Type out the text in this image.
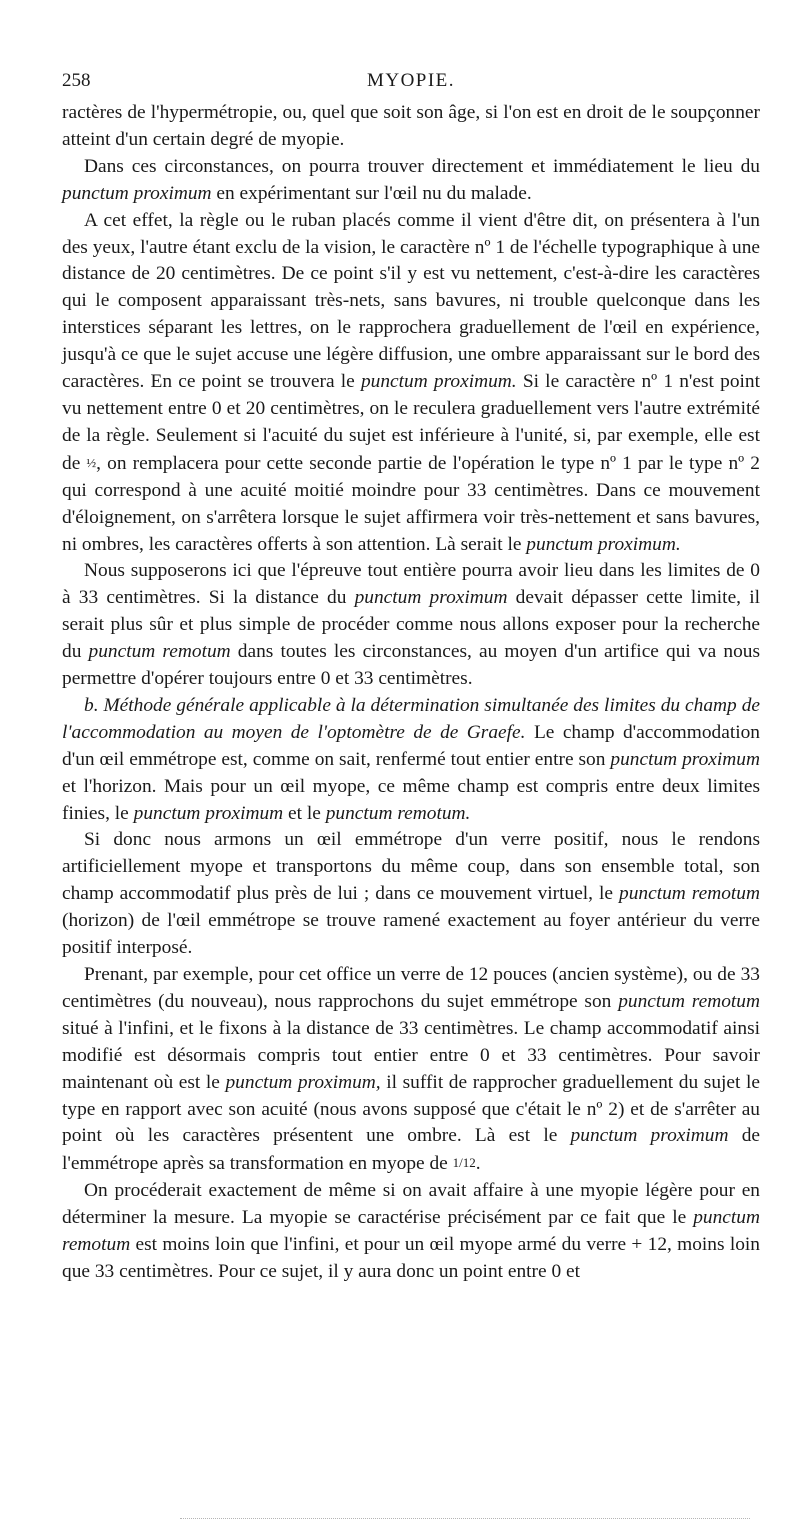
258	MYOPIE.

ractères de l'hypermétropie, ou, quel que soit son âge, si l'on est en droit de le soupçonner atteint d'un certain degré de myopie.

Dans ces circonstances, on pourra trouver directement et immédiatement le lieu du punctum proximum en expérimentant sur l'œil nu du malade.

A cet effet, la règle ou le ruban placés comme il vient d'être dit, on présentera à l'un des yeux, l'autre étant exclu de la vision, le caractère nº 1 de l'échelle typographique à une distance de 20 centimètres. De ce point s'il y est vu nettement, c'est-à-dire les caractères qui le composent apparaissant très-nets, sans bavures, ni trouble quelconque dans les interstices séparant les lettres, on le rapprochera graduellement de l'œil en expérience, jusqu'à ce que le sujet accuse une légère diffusion, une ombre apparaissant sur le bord des caractères. En ce point se trouvera le punctum proximum. Si le caractère nº 1 n'est point vu nettement entre 0 et 20 centimètres, on le reculera graduellement vers l'autre extrémité de la règle. Seulement si l'acuité du sujet est inférieure à l'unité, si, par exemple, elle est de ½, on remplacera pour cette seconde partie de l'opération le type nº 1 par le type nº 2 qui correspond à une acuité moitié moindre pour 33 centimètres. Dans ce mouvement d'éloignement, on s'arrêtera lorsque le sujet affirmera voir très-nettement et sans bavures, ni ombres, les caractères offerts à son attention. Là serait le punctum proximum.

Nous supposerons ici que l'épreuve tout entière pourra avoir lieu dans les limites de 0 à 33 centimètres. Si la distance du punctum proximum devait dépasser cette limite, il serait plus sûr et plus simple de procéder comme nous allons exposer pour la recherche du punctum remotum dans toutes les circonstances, au moyen d'un artifice qui va nous permettre d'opérer toujours entre 0 et 33 centimètres.

b. Méthode générale applicable à la détermination simultanée des limites du champ de l'accommodation au moyen de l'optomètre de de Graefe. Le champ d'accommodation d'un œil emmétrope est, comme on sait, renfermé tout entier entre son punctum proximum et l'horizon. Mais pour un œil myope, ce même champ est compris entre deux limites finies, le punctum proximum et le punctum remotum.

Si donc nous armons un œil emmétrope d'un verre positif, nous le rendons artificiellement myope et transportons du même coup, dans son ensemble total, son champ accommodatif plus près de lui ; dans ce mouvement virtuel, le punctum remotum (horizon) de l'œil emmétrope se trouve ramené exactement au foyer antérieur du verre positif interposé.

Prenant, par exemple, pour cet office un verre de 12 pouces (ancien système), ou de 33 centimètres (du nouveau), nous rapprochons du sujet emmétrope son punctum remotum situé à l'infini, et le fixons à la distance de 33 centimètres. Le champ accommodatif ainsi modifié est désormais compris tout entier entre 0 et 33 centimètres. Pour savoir maintenant où est le punctum proximum, il suffit de rapprocher graduellement du sujet le type en rapport avec son acuité (nous avons supposé que c'était le nº 2) et de s'arrêter au point où les caractères présentent une ombre. Là est le punctum proximum de l'emmétrope après sa transformation en myope de 1/12.

On procéderait exactement de même si on avait affaire à une myopie légère pour en déterminer la mesure. La myopie se caractérise précisément par ce fait que le punctum remotum est moins loin que l'infini, et pour un œil myope armé du verre + 12, moins loin que 33 centimètres. Pour ce sujet, il y aura donc un point entre 0 et
